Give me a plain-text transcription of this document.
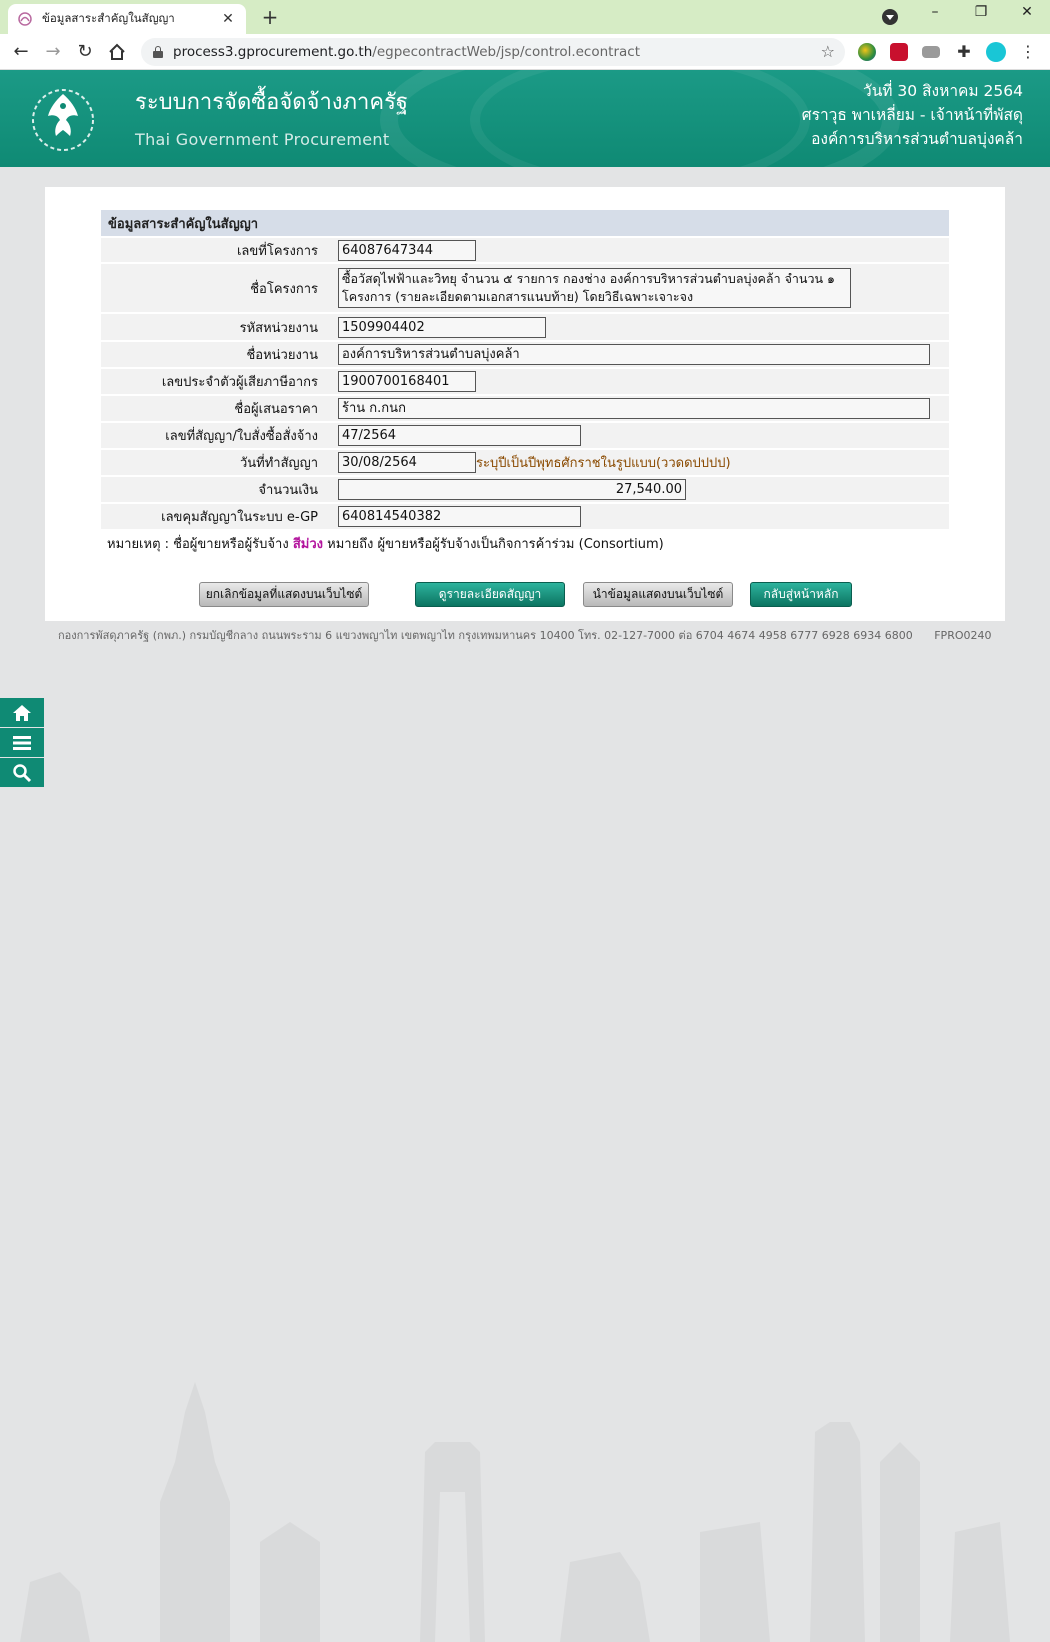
ข้อมูลสาระสำคัญในสัญญา	✕ +	–	❐	✕
← → ↻	process3.gprocurement.go.th /egpecontractWeb/jsp/control.econtract	☆	✚	⋮
ระบบการจัดซื้อจัดจ้างภาครัฐ
Thai Government Procurement
วันที่ 30 สิงหาคม 2564
ศราวุธ พาเหลี่ยม - เจ้าหน้าที่พัสดุ
องค์การบริหารส่วนตำบลบุ่งคล้า
ข้อมูลสาระสำคัญในสัญญา	
เลขที่โครงการ	64087647344
ชื่อโครงการ	ซื้อวัสดุไฟฟ้าและวิทยุ จำนวน ๕ รายการ กองช่าง องค์การบริหารส่วนตำบลบุ่งคล้า จำนวน ๑ โครงการ (รายละเอียดตามเอกสารแนบท้าย) โดยวิธีเฉพาะเจาะจง

รหัสหน่วยงาน	1509904402
ชื่อหน่วยงาน	องค์การบริหารส่วนตำบลบุ่งคล้า
เลขประจำตัวผู้เสียภาษีอากร	1900700168401
ชื่อผู้เสนอราคา	ร้าน ก.กนก
เลขที่สัญญา/ใบสั่งซื้อสั่งจ้าง	47/2564
วันที่ทำสัญญา	30/08/2564 ระบุปีเป็นปีพุทธศักราชในรูปแบบ(ววดดปปปป)
จำนวนเงิน	27,540.00
เลขคุมสัญญาในระบบ e-GP	640814540382
หมายเหตุ : ชื่อผู้ขายหรือผู้รับจ้าง สีม่วง หมายถึง ผู้ขายหรือผู้รับจ้างเป็นกิจการค้าร่วม (Consortium)
ยกเลิกข้อมูลที่แสดงบนเว็บไซต์	ดูรายละเอียดสัญญา	นำข้อมูลแสดงบนเว็บไซต์	กลับสู่หน้าหลัก
กองการพัสดุภาครัฐ (กพภ.) กรมบัญชีกลาง ถนนพระราม 6 แขวงพญาไท เขตพญาไท กรุงเทพมหานคร 10400 โทร. 02-127-7000 ต่อ 6704 4674 4958 6777 6928 6934 6800 FPRO0240
